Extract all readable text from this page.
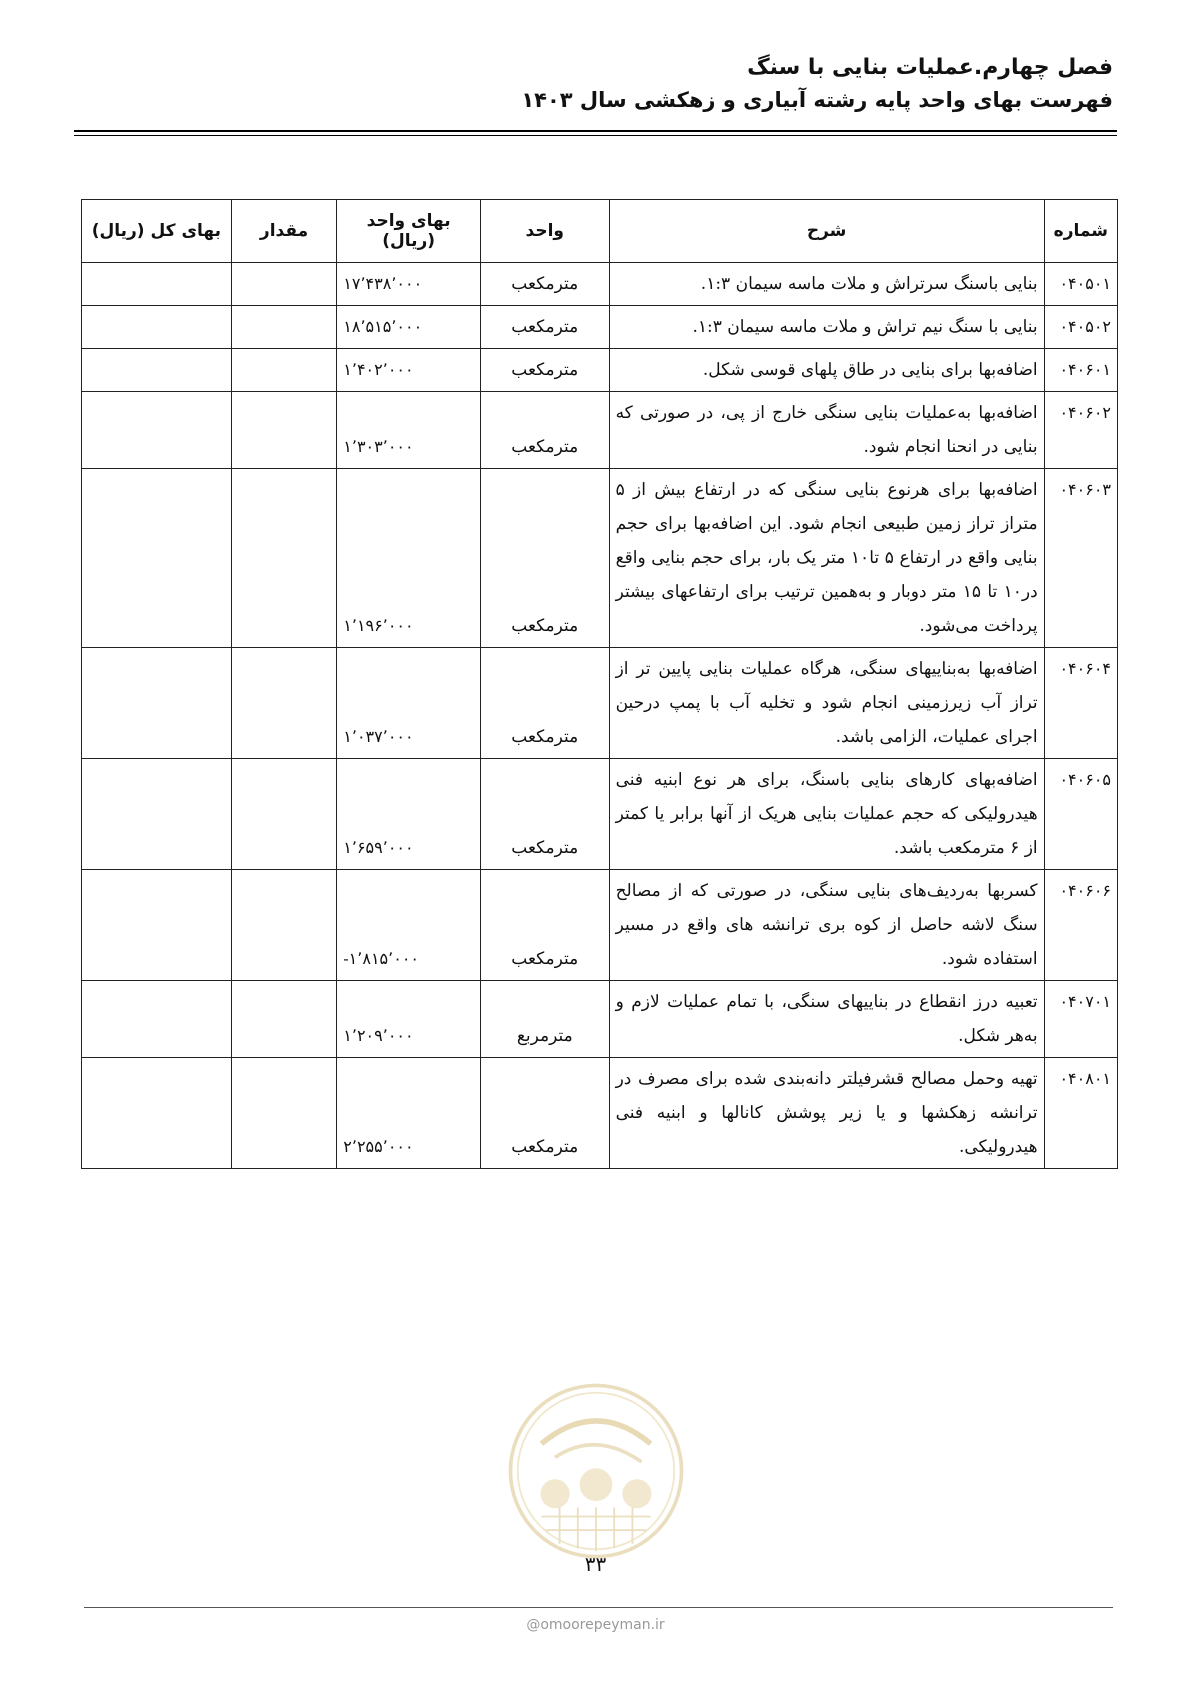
فصل چهارم.عملیات بنایی با سنگ
فهرست بهای واحد پایه رشته آبیاری و زهکشی سال ۱۴۰۳
شماره	شرح	واحد	بهای واحد (ریال)	مقدار	بهای کل (ریال)
۰۴۰۵۰۱	بنایی باسنگ سرتراش و ملات ماسه سیمان ۱:۳.	مترمکعب	۱۷٬۴۳۸٬۰۰۰		
۰۴۰۵۰۲	بنایی با سنگ نیم تراش و ملات ماسه سیمان ۱:۳.	مترمکعب	۱۸٬۵۱۵٬۰۰۰		
۰۴۰۶۰۱	اضافه‌بها برای بنایی در طاق پلهای قوسی شکل.	مترمکعب	۱٬۴۰۲٬۰۰۰		
۰۴۰۶۰۲	اضافه‌بها به‌عملیات بنایی سنگی خارج از پی، در صورتی که بنایی در انحنا انجام شود.	مترمکعب	۱٬۳۰۳٬۰۰۰		
۰۴۰۶۰۳	اضافه‌بها برای هرنوع بنایی سنگی که در ارتفاع بیش از ۵ متراز تراز زمین طبیعی انجام شود. این اضافه‌بها برای حجم بنایی واقع در ارتفاع ۵ تا۱۰ متر یک بار، برای حجم بنایی واقع در۱۰ تا ۱۵ متر دوبار و به‌همین ترتیب برای ارتفاعهای بیشتر پرداخت می‌شود.	مترمکعب	۱٬۱۹۶٬۰۰۰		
۰۴۰۶۰۴	اضافه‌بها به‌بناییهای سنگی، هرگاه عملیات بنایی پایین تر از تراز آب زیرزمینی انجام شود و تخلیه آب با پمپ درحین اجرای عملیات، الزامی باشد.	مترمکعب	۱٬۰۳۷٬۰۰۰		
۰۴۰۶۰۵	اضافه‌بهای کارهای بنایی باسنگ، برای هر نوع ابنیه فنی هیدرولیکی که حجم عملیات بنایی هریک از آنها برابر یا کمتر از ۶ مترمکعب باشد.	مترمکعب	۱٬۶۵۹٬۰۰۰		
۰۴۰۶۰۶	کسربها به‌ردیف‌های بنایی سنگی، در صورتی که از مصالح سنگ لاشه حاصل از کوه بری ترانشه های واقع در مسیر استفاده شود.	مترمکعب	-۱٬۸۱۵٬۰۰۰		
۰۴۰۷۰۱	تعبیه درز انقطاع در بناییهای سنگی، با تمام عملیات لازم و به‌هر شکل.	مترمربع	۱٬۲۰۹٬۰۰۰		
۰۴۰۸۰۱	تهیه وحمل مصالح قشرفیلتر دانه‌بندی شده برای مصرف در ترانشه زهکشها و یا زیر پوشش کانالها و ابنیه فنی هیدرولیکی.	مترمکعب	۲٬۲۵۵٬۰۰۰		
۳۳
@omoorepeyman.ir
